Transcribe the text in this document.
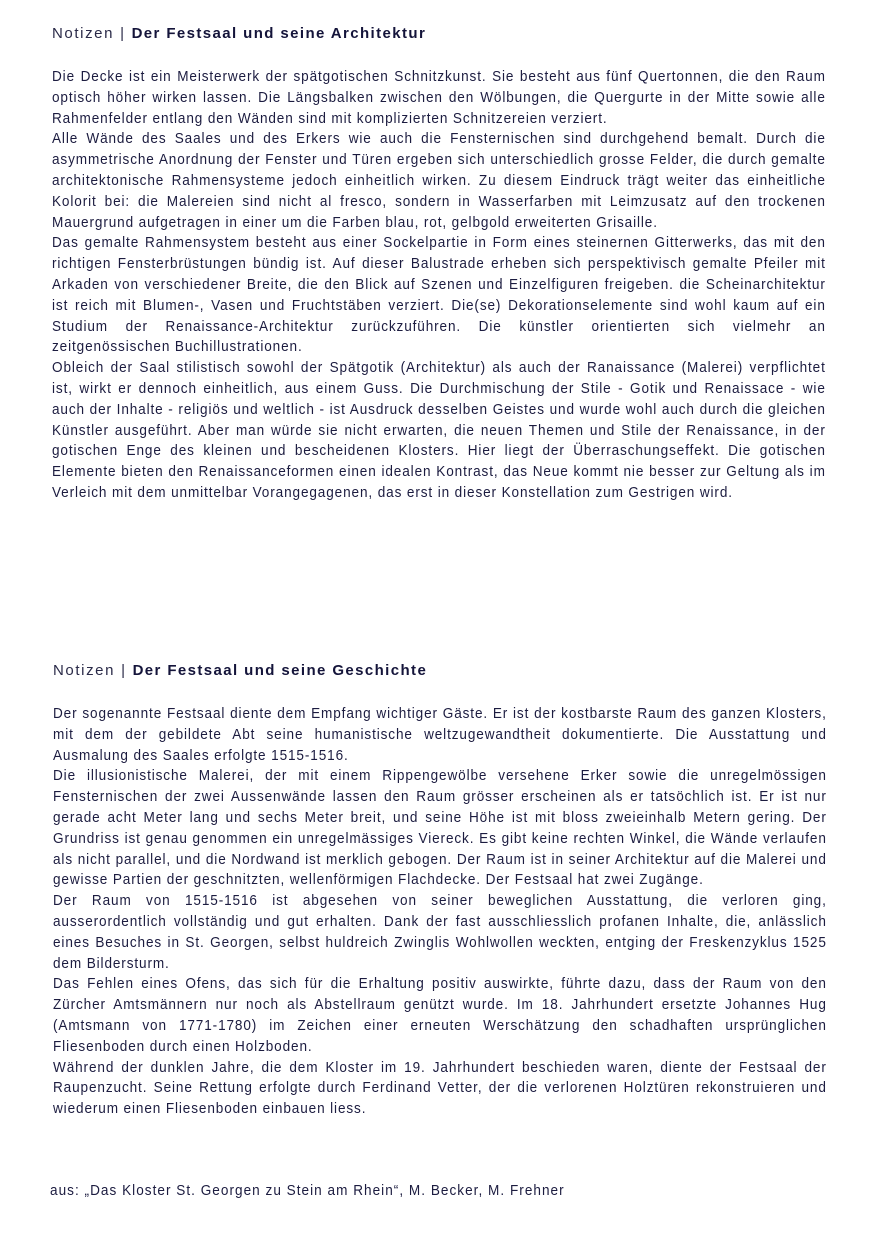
Notizen | Der Festsaal und seine Architektur

Die Decke ist ein Meisterwerk der spätgotischen Schnitzkunst. Sie besteht aus fünf Quertonnen, die den Raum optisch höher wirken lassen. Die Längsbalken zwischen den Wölbungen, die Quergurte in der Mitte sowie alle Rahmenfelder entlang den Wänden sind mit komplizierten Schnitzereien verziert.

Alle Wände des Saales und des Erkers wie auch die Fensternischen sind durchgehend bemalt. Durch die asymmetrische Anordnung der Fenster und Türen ergeben sich unterschiedlich grosse Felder, die durch gemalte architektonische Rahmensysteme jedoch einheitlich wirken. Zu diesem Eindruck trägt weiter das einheitliche Kolorit bei: die Malereien sind nicht al fresco, sondern in Wasserfarben mit Leimzusatz auf den trockenen Mauergrund aufgetragen in einer um die Farben blau, rot, gelbgold erweiterten Grisaille.

Das gemalte Rahmensystem besteht aus einer Sockelpartie in Form eines steinernen Gitterwerks, das mit den richtigen Fensterbrüstungen bündig ist. Auf dieser Balustrade erheben sich perspektivisch gemalte Pfeiler mit Arkaden von verschiedener Breite, die den Blick auf Szenen und Einzelfiguren freigeben. die Scheinarchitektur ist reich mit Blumen-, Vasen und Fruchtstäben verziert. Die(se) Dekorationselemente sind wohl kaum auf ein Studium der Renaissance-Architektur zurückzuführen. Die künstler orientierten sich vielmehr an zeitgenössischen Buchillustrationen.

Obleich der Saal stilistisch sowohl der Spätgotik (Architektur) als auch der Ranaissance (Malerei) verpflichtet ist, wirkt er dennoch einheitlich, aus einem Guss. Die Durchmischung der Stile - Gotik und Renaissace - wie auch der Inhalte - religiös und weltlich - ist Ausdruck desselben Geistes und wurde wohl auch durch die gleichen Künstler ausgeführt. Aber man würde sie nicht erwarten, die neuen Themen und Stile der Renaissance, in der gotischen Enge des kleinen und bescheidenen Klosters. Hier liegt der Überraschungseffekt. Die gotischen Elemente bieten den Renaissanceformen einen idealen Kontrast, das Neue kommt nie besser zur Geltung als im Verleich mit dem unmittelbar Vorangegagenen, das erst in dieser Konstellation zum Gestrigen wird.

Notizen | Der Festsaal und seine Geschichte

Der sogenannte Festsaal diente dem Empfang wichtiger Gäste. Er ist der kostbarste Raum des ganzen Klosters, mit dem der gebildete Abt seine humanistische weltzugewandtheit dokumentierte. Die Ausstattung und Ausmalung des Saales erfolgte 1515-1516.

Die illusionistische Malerei, der mit einem Rippengewölbe versehene Erker sowie die unregelmössigen Fensternischen der zwei Aussenwände lassen den Raum grösser erscheinen als er tatsöchlich ist. Er ist nur gerade acht Meter lang und sechs Meter breit, und seine Höhe ist mit bloss zweieinhalb Metern gering. Der Grundriss ist genau genommen ein unregelmässiges Viereck. Es gibt keine rechten Winkel, die Wände verlaufen als nicht parallel, und die Nordwand ist merklich gebogen. Der Raum ist in seiner Architektur auf die Malerei und gewisse Partien der geschnitzten, wellenförmigen Flachdecke. Der Festsaal hat zwei Zugänge.

Der Raum von 1515-1516 ist abgesehen von seiner beweglichen Ausstattung, die verloren ging, ausserordentlich vollständig und gut erhalten. Dank der fast ausschliesslich profanen Inhalte, die, anlässlich eines Besuches in St. Georgen, selbst huldreich Zwinglis Wohlwollen weckten, entging der Freskenzyklus 1525 dem Bildersturm.

Das Fehlen eines Ofens, das sich für die Erhaltung positiv auswirkte, führte dazu, dass der Raum von den Zürcher Amtsmännern nur noch als Abstellraum genützt wurde. Im 18. Jahrhundert ersetzte Johannes Hug (Amtsmann von 1771-1780) im Zeichen einer erneuten Werschätzung den schadhaften ursprünglichen Fliesenboden durch einen Holzboden.

Während der dunklen Jahre, die dem Kloster im 19. Jahrhundert beschieden waren, diente der Festsaal der Raupenzucht. Seine Rettung erfolgte durch Ferdinand Vetter, der die verlorenen Holztüren rekonstruieren und wiederum einen Fliesenboden einbauen liess.

aus: „Das Kloster St. Georgen zu Stein am Rhein“, M. Becker, M. Frehner
